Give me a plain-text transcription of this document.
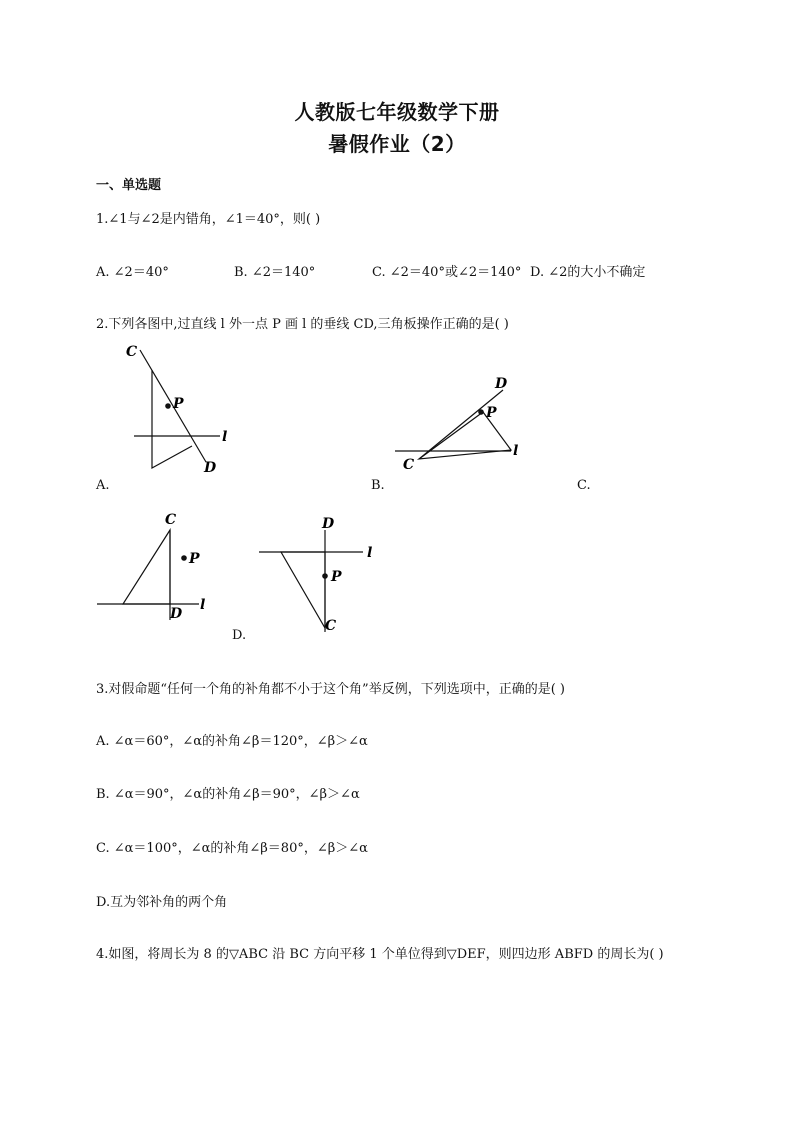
人教版七年级数学下册
暑假作业（2）
一、单选题
1.∠1与∠2是内错角，∠1＝40°，则( )
A. ∠2＝40°	B. ∠2＝140°	C. ∠2＝40°或∠2＝140° D. ∠2的大小不确定
2.下列各图中,过直线 l 外一点 P 画 l 的垂线 CD,三角板操作正确的是( )
C
P
l
D
A.
D
P
l
C
B.	C.
C
P
l
D
D
l
P
C
D.
3.对假命题“任何一个角的补角都不小于这个角”举反例，下列选项中，正确的是( )
A. ∠α＝60°，∠α的补角∠β＝120°，∠β＞∠α
B. ∠α＝90°，∠α的补角∠β＝90°，∠β＞∠α
C. ∠α＝100°，∠α的补角∠β＝80°，∠β＞∠α
D.互为邻补角的两个角
4.如图，将周长为 8 的▽ABC 沿 BC 方向平移 1 个单位得到▽DEF，则四边形 ABFD 的周长为( )
